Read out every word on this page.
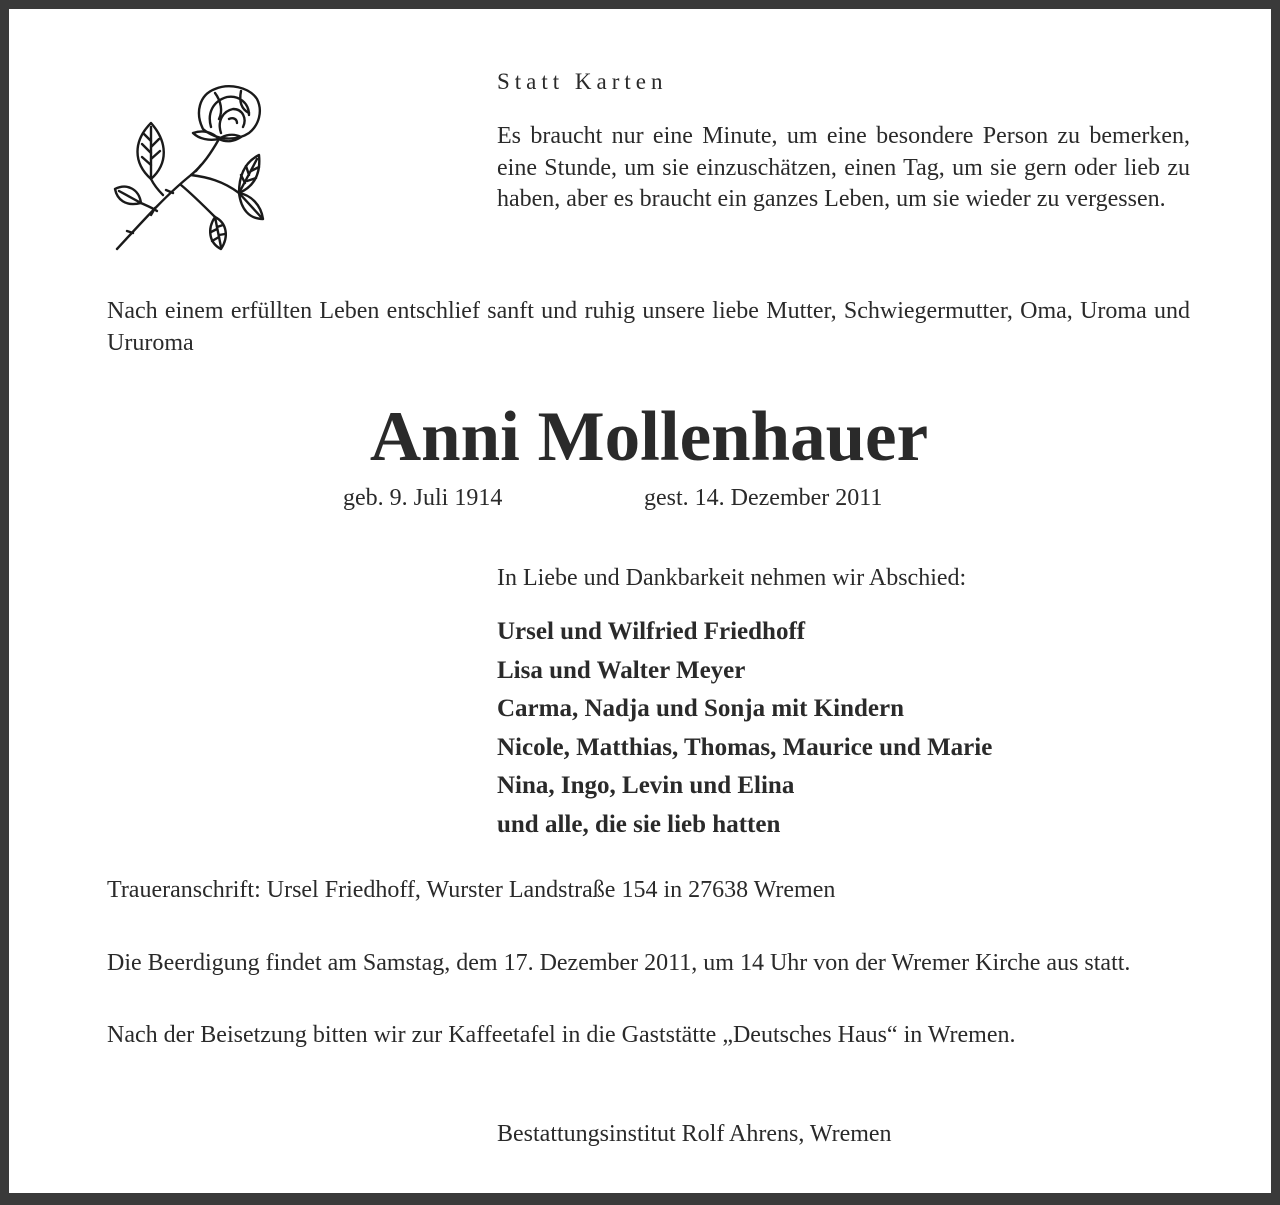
Statt Karten
Es braucht nur eine Minute, um eine besondere Person zu bemerken, eine Stunde, um sie einzuschätzen, einen Tag, um sie gern oder lieb zu haben, aber es braucht ein ganzes Leben, um sie wieder zu vergessen.
Nach einem erfüllten Leben entschlief sanft und ruhig unsere liebe Mutter, Schwiegermutter, Oma, Uroma und Ururoma
Anni Mollenhauer
geb. 9. Juli 1914	gest. 14. Dezember 2011
In Liebe und Dankbarkeit nehmen wir Abschied:
Ursel und Wilfried Friedhoff
Lisa und Walter Meyer
Carma, Nadja und Sonja mit Kindern
Nicole, Matthias, Thomas, Maurice und Marie
Nina, Ingo, Levin und Elina
und alle, die sie lieb hatten
Traueranschrift: Ursel Friedhoff, Wurster Landstraße 154 in 27638 Wremen
Die Beerdigung findet am Samstag, dem 17. Dezember 2011, um 14 Uhr von der Wremer Kirche aus statt.
Nach der Beisetzung bitten wir zur Kaffeetafel in die Gaststätte „Deutsches Haus“ in Wremen.
Bestattungsinstitut Rolf Ahrens, Wremen
